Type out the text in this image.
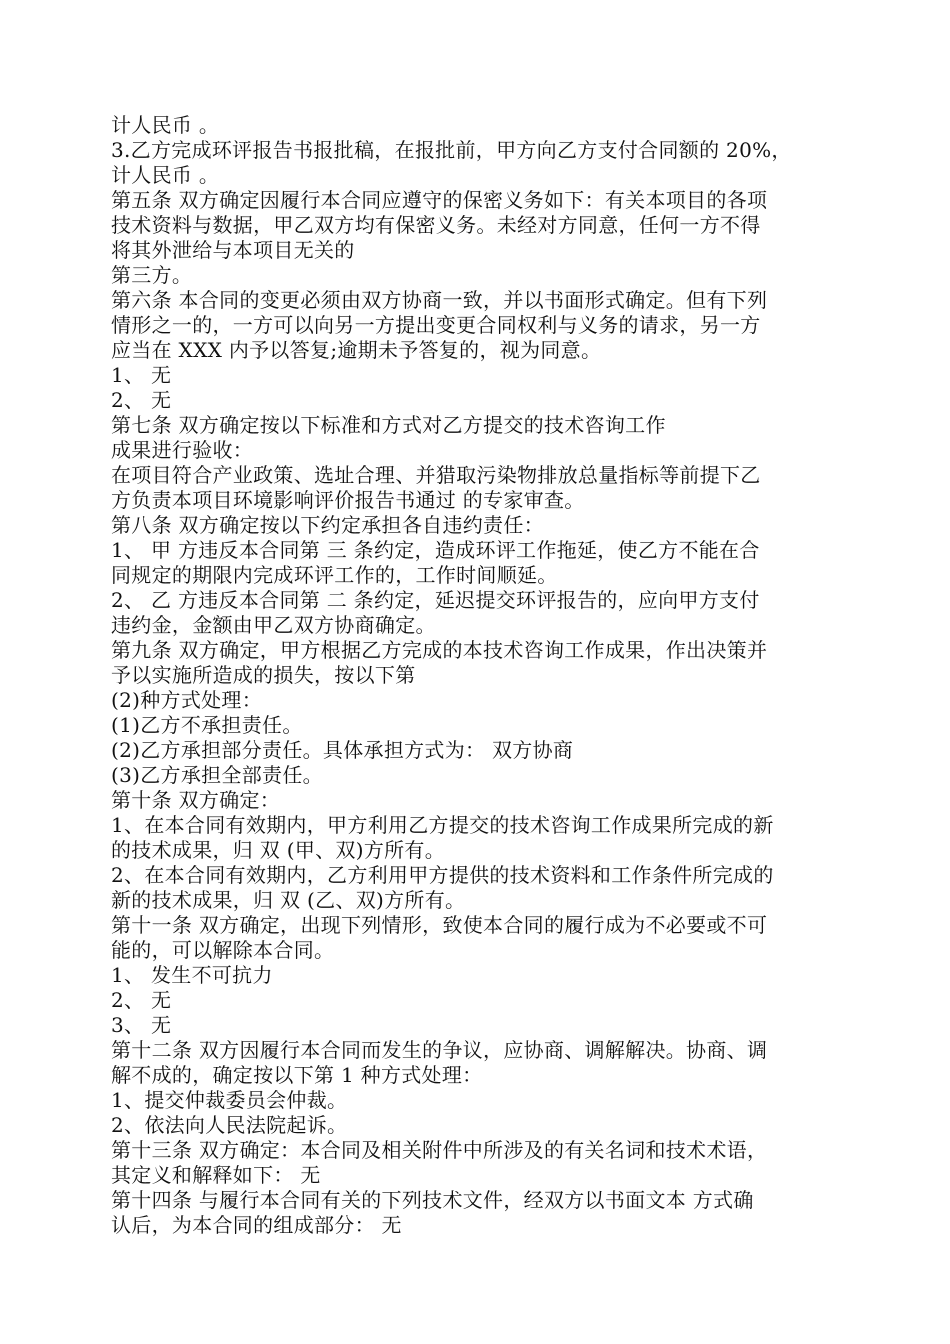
计人民币 。
3.乙方完成环评报告书报批稿，在报批前，甲方向乙方支付合同额的 20%，
计人民币 。
第五条 双方确定因履行本合同应遵守的保密义务如下：有关本项目的各项
技术资料与数据，甲乙双方均有保密义务。未经对方同意，任何一方不得
将其外泄给与本项目无关的
第三方。
第六条 本合同的变更必须由双方协商一致，并以书面形式确定。但有下列
情形之一的，一方可以向另一方提出变更合同权利与义务的请求，另一方
应当在 XXX 内予以答复;逾期未予答复的，视为同意。
1、 无
2、 无
第七条 双方确定按以下标准和方式对乙方提交的技术咨询工作
成果进行验收：
在项目符合产业政策、选址合理、并猎取污染物排放总量指标等前提下乙
方负责本项目环境影响评价报告书通过 的专家审查。
第八条 双方确定按以下约定承担各自违约责任：
1、 甲 方违反本合同第 三 条约定，造成环评工作拖延，使乙方不能在合
同规定的期限内完成环评工作的，工作时间顺延。
2、 乙 方违反本合同第 二 条约定，延迟提交环评报告的，应向甲方支付
违约金，金额由甲乙双方协商确定。
第九条 双方确定，甲方根据乙方完成的本技术咨询工作成果，作出决策并
予以实施所造成的损失，按以下第
(2)种方式处理：
(1)乙方不承担责任。
(2)乙方承担部分责任。具体承担方式为： 双方协商
(3)乙方承担全部责任。
第十条 双方确定：
1、在本合同有效期内，甲方利用乙方提交的技术咨询工作成果所完成的新
的技术成果，归 双 (甲、双)方所有。
2、在本合同有效期内，乙方利用甲方提供的技术资料和工作条件所完成的
新的技术成果，归 双 (乙、双)方所有。
第十一条 双方确定，出现下列情形，致使本合同的履行成为不必要或不可
能的，可以解除本合同。
1、 发生不可抗力
2、 无
3、 无
第十二条 双方因履行本合同而发生的争议，应协商、调解解决。协商、调
解不成的，确定按以下第 1 种方式处理：
1、提交仲裁委员会仲裁。
2、依法向人民法院起诉。
第十三条 双方确定：本合同及相关附件中所涉及的有关名词和技术术语，
其定义和解释如下： 无
第十四条 与履行本合同有关的下列技术文件，经双方以书面文本 方式确
认后，为本合同的组成部分： 无
